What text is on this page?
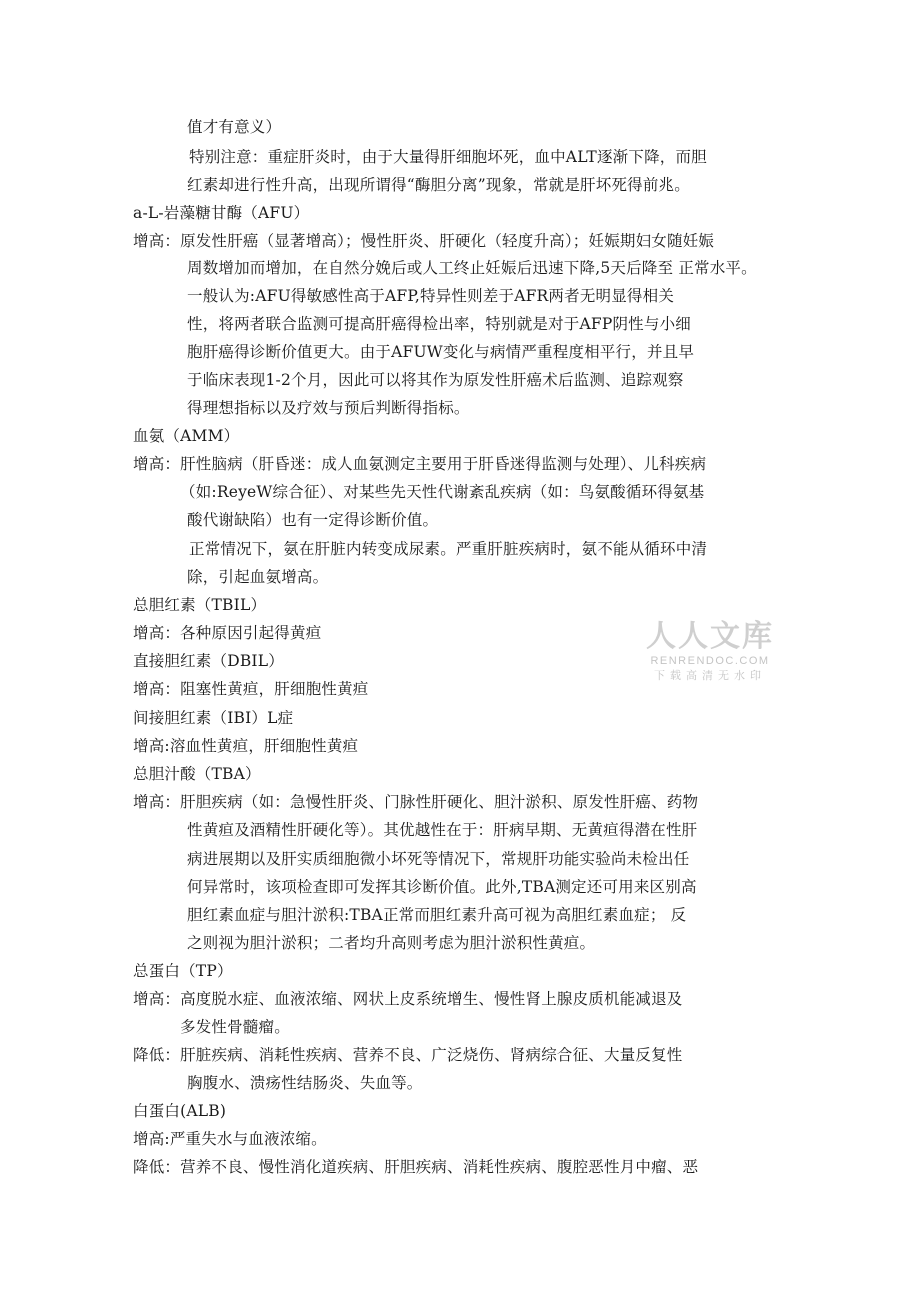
值才有意义）
特别注意：重症肝炎时，由于大量得肝细胞坏死，血中ALT逐渐下降，而胆
红素却进行性升高，出现所谓得“酶胆分离”现象，常就是肝坏死得前兆。
a-L-岩藻糖甘酶（AFU）
增高：原发性肝癌（显著增高）；慢性肝炎、肝硬化（轻度升高）；妊娠期妇女随妊娠
周数增加而增加，在自然分娩后或人工终止妊娠后迅速下降,5天后降至 正常水平。
一般认为:AFU得敏感性高于AFP,特异性则差于AFR两者无明显得相关
性，将两者联合监测可提高肝癌得检出率，特别就是对于AFP阴性与小细
胞肝癌得诊断价值更大。由于AFUW变化与病情严重程度相平行，并且早
于临床表现1-2个月，因此可以将其作为原发性肝癌术后监测、追踪观察
得理想指标以及疗效与预后判断得指标。
血氨（AMM）
增高：肝性脑病（肝昏迷：成人血氨测定主要用于肝昏迷得监测与处理）、儿科疾病
（如:ReyeW综合征）、对某些先天性代谢紊乱疾病（如：鸟氨酸循环得氨基
酸代谢缺陷）也有一定得诊断价值。
正常情况下，氨在肝脏内转变成尿素。严重肝脏疾病时，氨不能从循环中清
除，引起血氨增高。
总胆红素（TBIL）
增高：各种原因引起得黄疸
直接胆红素（DBIL）
增高：阻塞性黄疸，肝细胞性黄疸
间接胆红素（IBI）L症
增高:溶血性黄疸，肝细胞性黄疸
总胆汁酸（TBA）
增高：肝胆疾病（如：急慢性肝炎、门脉性肝硬化、胆汁淤积、原发性肝癌、药物
性黄疸及酒精性肝硬化等）。其优越性在于：肝病早期、无黄疸得潜在性肝
病进展期以及肝实质细胞微小坏死等情况下，常规肝功能实验尚未检出任
何异常时，该项检查即可发挥其诊断价值。此外,TBA测定还可用来区别高
胆红素血症与胆汁淤积:TBA正常而胆红素升高可视为高胆红素血症； 反
之则视为胆汁淤积；二者均升高则考虑为胆汁淤积性黄疸。
总蛋白（TP）
增高：高度脱水症、血液浓缩、网状上皮系统增生、慢性肾上腺皮质机能减退及
多发性骨髓瘤。
降低：肝脏疾病、消耗性疾病、营养不良、广泛烧伤、肾病综合征、大量反复性
胸腹水、溃疡性结肠炎、失血等。
白蛋白(ALB)
增高:严重失水与血液浓缩。
降低：营养不良、慢性消化道疾病、肝胆疾病、消耗性疾病、腹腔恶性月中瘤、恶
人人文库
RENRENDOC.COM
下载高清无水印
